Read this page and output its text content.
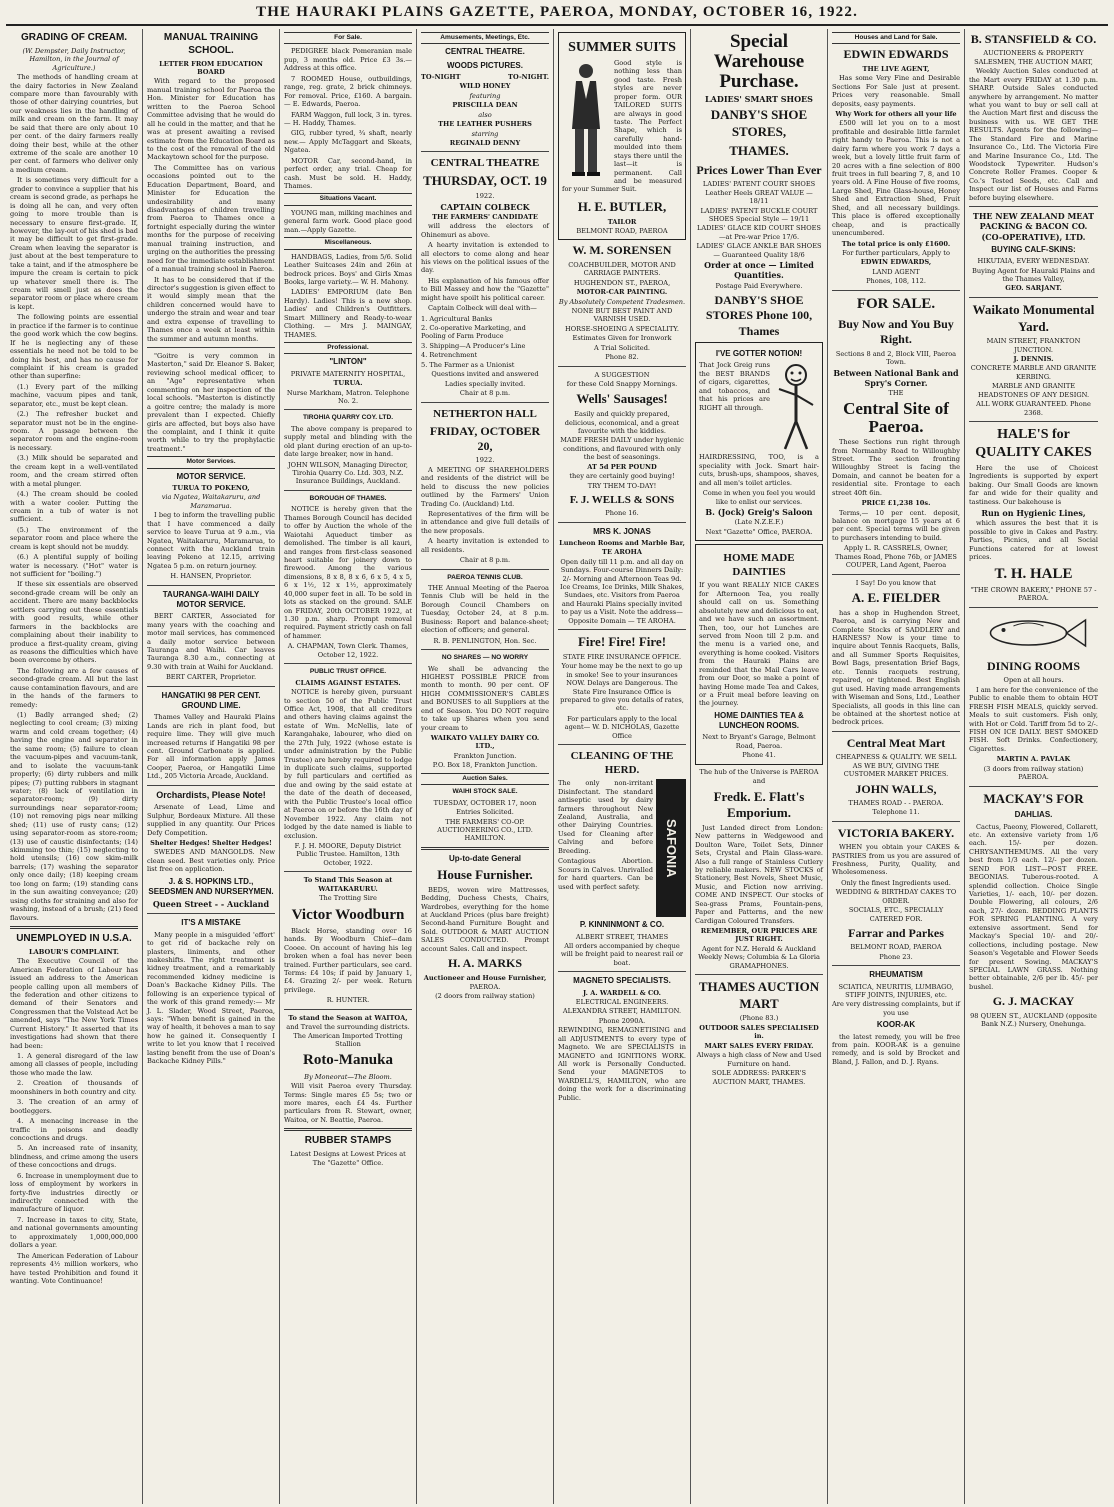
THE HAURAKI PLAINS GAZETTE, PAEROA, MONDAY, OCTOBER 16, 1922.
GRADING OF CREAM.
(W. Dempster, Daily Instructor, Hamilton, in the Journal of Agriculture.)

The methods of handling cream at the dairy factories in New Zealand compare more than favourably with those of other dairying countries, but our weakness lies in the handling of milk and cream on the farm. It may be said that there are only about 10 per cent. of the dairy farmers really doing their best, while at the other extreme of the scale are another 10 per cent. of farmers who deliver only a medium cream.

It is sometimes very difficult for a grader to convince a supplier that his cream is second grade, as perhaps he is doing all he can, and very often going to more trouble than is necessary to ensure first-grade. If, however, the lay-out of his shed is bad it may be difficult to get first-grade. Cream when leaving the separator is just about at the best temperature to take a taint, and if the atmosphere be impure the cream is certain to pick up whatever smell there is. The cream will smell just as does the separator room or place where cream is kept.

The following points are essential in practice if the farmer is to continue the good work which the cow begins. If he is neglecting any of these essentials he need not be told to be doing his best, and has no cause for complaint if his cream is graded other than superfine:

(1.) Every part of the milking machine, vacuum pipes and tank, separator, etc., must be kept clean.

(2.) The refresher bucket and separator must not be in the engine-room. A passage between the separator room and the engine-room is necessary.

(3.) Milk should be separated and the cream kept in a well-ventilated room, and the cream stirred often with a metal plunger.

(4.) The cream should be cooled with a water cooler. Putting the cream in a tub of water is not sufficient.

(5.) The environment of the separator room and place where the cream is kept should not be muddy.

(6.) A plentiful supply of boiling water is necessary. ("Hot" water is not sufficient for "boiling.")

If these six essentials are observed second-grade cream will be only an accident. There are many backblocks settlers carrying out these essentials with good results, while other farmers in the backblocks are complaining about their inability to produce a first-quality cream, giving as reasons the difficulties which have been overcome by others.

The following are a few causes of second-grade cream. All but the last cause contamination flavours, and are in the hands of the farmers to remedy:

(1) Badly arranged shed; (2) neglecting to cool cream; (3) mixing warm and cold cream together; (4) having the engine and separator in the same room; (5) failure to clean the vacuum-pipes and vacuum-tank, and to isolate the vacuum-tank properly; (6) dirty rubbers and milk pipes; (7) putting rubbers in stagnant water; (8) lack of ventilation in separator-room; (9) dirty surroundings near separator-room; (10) not removing pigs near milking shed; (11) use of rusty cans; (12) using separator-room as store-room; (13) use of caustic disinfectants; (14) skimming too thin; (15) neglecting to hold utensils; (16) cow skim-milk barrels; (17) washing the separator only once daily; (18) keeping cream too long on farm; (19) standing cans in the sun awaiting conveyance; (20) using cloths for straining and also for washing, instead of a brush; (21) feed flavours.

UNEMPLOYED IN U.S.A.
LABOUR'S COMPLAINT.

The Executive Council of the American Federation of Labour has issued an address to the American people calling upon all members of the federation and other citizens to demand of their Senators and Congressmen that the Volstead Act be amended, says "The New York Times Current History." It asserted that its investigations had shown that there had been:

1. A general disregard of the law among all classes of people, including those who made the law.

2. Creation of thousands of moonshiners in both country and city.

3. The creation of an army of bootleggers.

4. A menacing increase in the traffic in poisons and deadly concoctions and drugs.

5. An increased rate of insanity, blindness, and crime among the users of these concoctions and drugs.

6. Increase in unemployment due to loss of employment by workers in forty-five industries directly or indirectly connected with the manufacture of liquor.

7. Increase in taxes to city, State, and national governments amounting to approximately 1,000,000,000 dollars a year.

The American Federation of Labour represents 4½ million workers, who have tested Prohibition and found it wanting. Vote Continuance!

MANUAL TRAINING SCHOOL.
LETTER FROM EDUCATION BOARD

With regard to the proposed manual training school for Paeroa the Hon. Minister for Education has written to the Paeroa School Committee advising that he would do all he could in the matter, and that he was at present awaiting a revised estimate from the Education Board as to the cost of the removal of the old Mackaytown school for the purpose.

The Committee has on various occasions pointed out to the Education Department, Board, and Minister for Education the undesirability and many disadvantages of children travelling from Paeroa to Thames once a fortnight especially during the winter months for the purpose of receiving manual training instruction, and urging on the authorities the pressing need for the immediate establishment of a manual training school in Paeroa.

It has to be considered that if the director's suggestion is given effect to it would simply mean that the children concerned would have to undergo the strain and wear and tear and extra expense of travelling to Thames once a week at least within the summer and autumn months.

"Goitre is very common in Masterton," said Dr. Eleanor S. Baker, reviewing school medical officer, to an "Age" representative when commenting on her inspection of the local schools. "Masterton is distinctly a goitre centre; the malady is more prevalent than I expected. Chiefly girls are affected, but boys also have the complaint, and I think it quite worth while to try the prophylactic treatment."

Motor Services.
MOTOR SERVICE.
TURUA TO POKENO,
via Ngatea, Waitakaruru, and Maramarua.

I beg to inform the travelling public that I have commenced a daily service to leave Turua at 9 a.m., via Ngatea, Waitakaruru, Maramarua, to connect with the Auckland train leaving Pokeno at 12.15, arriving Ngatea 5 p.m. on return journey.

H. HANSEN, Proprietor.
TAURANGA-WAIHI DAILY MOTOR SERVICE.

BERT CARTER, Associated for many years with the coaching and motor mail services, has commenced a daily motor service between Tauranga and Waihi. Car leaves Tauranga 8.30 a.m., connecting at 9.30 with train at Waihi for Auckland.

BERT CARTER, Proprietor.
HANGATIKI 98 PER CENT. GROUND LIME.

Thames Valley and Hauraki Plains Lands are rich in plant food, but require lime. They will give much increased returns if Hangatiki 98 per cent. Ground Carbonate is applied. For all information apply James Cooper, Paeroa, or Hangatiki Lime Ltd., 205 Victoria Arcade, Auckland.

Orchardists, Please Note!

Arsenate of Lead, Lime and Sulphur, Bordeaux Mixture. All these supplied in any quantity. Our Prices Defy Competition.

Shelter Hedges! Shelter Hedges!

SWEDES AND MANGOLDS. New clean seed. Best varieties only. Price list free on application.

J. & S. HOPKINS LTD., SEEDSMEN AND NURSERYMEN.
Queen Street - - Auckland
IT'S A MISTAKE

Many people in a misguided 'effort' to get rid of backache rely on plasters, liniments, and other makeshifts. The right treatment is kidney treatment, and a remarkably recommended kidney medicine is Doan's Backache Kidney Pills. The following is an experience typical of the work of this grand remedy:— Mr J. L. Slader, Wood Street, Paeroa, says: "When benefit is gained in the way of health, it behoves a man to say how he gained it. Consequently I write to let you know that I received lasting benefit from the use of Doan's Backache Kidney Pills."

For Sale.

PEDIGREE black Pomeranian male pup, 3 months old. Price £3 3s.—Address at this office.

7 ROOMED House, outbuildings, range, reg. grate, 2 brick chimneys. For removal. Price, £160. A bargain. — E. Edwards, Paeroa.

FARM Waggon, full lock, 3 in. tyres.— H. Haddy, Thames.

GIG, rubber tyred, ¾ shaft, nearly new.— Apply McTaggart and Skeats, Ngatea.

MOTOR Car, second-hand, in perfect order, any trial. Cheap for cash. Must be sold. H. Haddy, Thames.

Situations Vacant.

YOUNG man, milking machines and general farm work. Good place good man.—Apply Gazette.

Miscellaneous.

HANDBAGS, Ladies, from 5/6. Solid Leather Suitcases 24in and 26in at bedrock prices. Boys' and Girls Xmas Books, large variety.— W. H. Mahony.

LADIES' EMPORIUM (late Ben Hardy). Ladies! This is a new shop. Ladies' and Children's Outfitters. Smart Millinery and Ready-to-wear Clothing. — Mrs J. MAINGAY, THAMES.

Professional.
"LINTON"
PRIVATE MATERNITY HOSPITAL,
TURUA.
Nurse Markham, Matron. Telephone No. 2.
TIROHIA QUARRY COY. LTD.

The above company is prepared to supply metal and blinding with the old plant during erection of an up-to-date large breaker, now in hand.

JOHN WILSON, Managing Director, Tirohia Quarry Co. Ltd. 303, N.Z. Insurance Buildings, Auckland.
BOROUGH OF THAMES.

NOTICE is hereby given that the Thames Borough Council has decided to offer by Auction the whole of the Waiotahi Aqueduct timber as demolished. The timber is all kauri, and ranges from first-class seasoned heart suitable for joinery down to firewood. Among the various dimensions, 8 x 8, 8 x 6, 6 x 5, 4 x 5, 6 x 1½, 12 x 1½, approximately 40,000 super feet in all. To be sold in lots as stacked on the ground. SALE on FRIDAY, 20th OCTOBER 1922, at 1.30 p.m. sharp. Prompt removal required. Payment strictly cash on fall of hammer.

A. CHAPMAN, Town Clerk. Thames, October 12, 1922.
PUBLIC TRUST OFFICE.
CLAIMS AGAINST ESTATES.

NOTICE is hereby given, pursuant to section 50 of the Public Trust Office Act, 1908, that all creditors and others having claims against the estate of Wm. McNellis, late of Karangahake, labourer, who died on the 27th July, 1922 (whose estate is under administration by the Public Trustee) are hereby required to lodge in duplicate such claims, supported by full particulars and certified as due and owing by the said estate at the date of the death of deceased, with the Public Trustee's local office at Paeroa on or before the 16th day of November 1922. Any claim not lodged by the date named is liable to exclusion.

F. J. H. MOORE, Deputy District Public Trustee. Hamilton, 13th October, 1922.
To Stand This Season at WAITAKARURU.
The Trotting Sire
Victor Woodburn

Black Horse, standing over 16 hands. By Woodburn Chief—dam Cooee. On account of having his leg broken when a foal has never been trained. Further particulars, see card. Terms: £4 10s; if paid by January 1, £4. Grazing 2/- per week. Return privilege.

R. HUNTER.
To stand the Season at WAITOA,
and Travel the surrounding districts. The American Imported Trotting Stallion
Roto-Manuka
By Moneorat—The Bloom.

Will visit Paeroa every Thursday. Terms: Single mares £5 5s; two or more mares, each £4 4s. Further particulars from R. Stewart, owner, Waitoa, or N. Beattie, Paeroa.

RUBBER STAMPS
Latest Designs at Lowest Prices at The "Gazette" Office.
Amusements, Meetings, Etc.
CENTRAL THEATRE.
WOODS PICTURES.
TO-NIGHT	TO-NIGHT.
WILD HONEY
featuring
PRISCILLA DEAN
also
THE LEATHER PUSHERS
starring
REGINALD DENNY
CENTRAL THEATRE
THURSDAY, OCT. 19
1922.
CAPTAIN COLBECK
THE FARMERS' CANDIDATE

will address the electors of Ohinemuri as above.

A hearty invitation is extended to all electors to come along and hear his views on the political issues of the day.

His explanation of his famous offer to Bill Massey and how the "Gazette" might have spoilt his political career.

Captain Colbeck will deal with—

1. Agricultural Banks
2. Co-operative Marketing, and Pooling of Farm Produce
3. Shipping—A Producer's Line
4. Retrenchment
5. The Farmer as a Unionist
Questions invited and answered
Ladies specially invited.
Chair at 8 p.m.
NETHERTON HALL
FRIDAY, OCTOBER 20,
1922.

A MEETING OF SHAREHOLDERS and residents of the district will be held to discuss the new policies outlined by the Farmers' Union Trading Co. (Auckland) Ltd.

Representatives of the firm will be in attendance and give full details of the new proposals.

A hearty invitation is extended to all residents.

Chair at 8 p.m.
PAEROA TENNIS CLUB.

THE Annual Meeting of the Paeroa Tennis Club will be held in the Borough Council Chambers on Tuesday, October 24, at 8 p.m. Business: Report and balance-sheet; election of officers; and general.

R. B. PENLINGTON, Hon. Sec.
NO SHARES — NO WORRY

We shall be advancing the HIGHEST POSSIBLE PRICE from month to month. 90 per cent. OF HIGH COMMISSIONER'S CABLES and BONUSES to all Suppliers at the end of Season. You DO NOT require to take up Shares when you send your cream to

WAIKATO VALLEY DAIRY CO. LTD.,
Frankton Junction.
P.O. Box 18, Frankton Junction.
Auction Sales.
WAIHI STOCK SALE.
TUESDAY, OCTOBER 17, noon
Entries Solicited.
THE FARMERS' CO-OP. AUCTIONEERING CO., LTD. HAMILTON.
Up-to-date General
House Furnisher.

BEDS, woven wire Mattresses, Bedding, Duchess Chests, Chairs, Wardrobes, everything for the home at Auckland Prices (plus bare freight) Second-hand Furniture Bought and Sold. OUTDOOR & MART AUCTION SALES CONDUCTED. Prompt account Sales. Call and inspect.

H. A. MARKS
Auctioneer and House Furnisher,
PAEROA.
(2 doors from railway station)
SUMMER SUITS

Good style is nothing less than good taste. Fresh styles are never proper form. OUR TAILORED SUITS are always in good taste. The Perfect Shape, which is carefully hand-moulded into them stays there until the last—it is permanent. Call and be measured for your Summer Suit.

H. E. BUTLER,
TAILOR
BELMONT ROAD, PAEROA
W. M. SORENSEN
COACHBUILDER, MOTOR AND CARRIAGE PAINTERS.
HUGHENDON ST., PAEROA,
MOTOR-CAR PAINTING.
By Absolutely Competent Tradesmen.
NONE BUT BEST PAINT AND VARNISH USED.
HORSE-SHOEING A SPECIALITY.
Estimates Given for Ironwork
A Trial Solicited.
Phone 82.
A SUGGESTION
for these Cold Snappy Mornings.
Wells' Sausages!
Easily and quickly prepared, delicious, economical, and a great favourite with the kiddies.
MADE FRESH DAILY under hygienic conditions, and flavoured with only the best of seasonings.
AT 5d PER POUND
they are certainly good buying!
TRY THEM TO-DAY!
F. J. WELLS & SONS
Phone 16.
MRS K. JONAS
Luncheon Rooms and Marble Bar,
TE AROHA

Open daily till 11 p.m. and all day on Sundays. Four-course Dinners Daily: 2/- Morning and Afternoon Teas 9d. Ice Creams, Ice Drinks, Milk Shakes, Sundaes, etc. Visitors from Paeroa and Hauraki Plains specially invited to pay us a Visit. Note the address— Opposite Domain — TE AROHA.

Fire! Fire! Fire!
STATE FIRE INSURANCE OFFICE.

Your home may be the next to go up in smoke! See to your insurances NOW. Delays are Dangerous. The State Fire Insurance Office is prepared to give you details of rates, etc.

For particulars apply to the local agent— W. D. NICHOLAS, Gazette Office
CLEANING OF THE HERD.
SAFONIA

The only non-irritant Disinfectant. The standard antiseptic used by dairy farmers throughout New Zealand, Australia, and other Dairying Countries. Used for Cleaning after Calving and before Breeding.

Contagious Abortion. Scours in Calves. Unrivalled for hard quarters. Can be used with perfect safety.

P. KINNINMONT & CO.
ALBERT STREET, THAMES
All orders accompanied by cheque will be freight paid to nearest rail or boat.
MAGNETO SPECIALISTS.
J. A. WARDELL & CO.
ELECTRICAL ENGINEERS.
ALEXANDRA STREET, HAMILTON.
Phone 2090A.

REWINDING, REMAGNETISING and all ADJUSTMENTS to every type of Magneto. We are SPECIALISTS in MAGNETO and IGNITIONS WORK. All work is Personally Conducted. Send your MAGNETOS to WARDELL'S, HAMILTON, who are doing the work for a discriminating Public.

Special Warehouse Purchase.
LADIES' SMART SHOES
DANBY'S SHOE STORES,
THAMES.
Prices Lower Than Ever
LADIES' PATENT COURT SHOES Leather Heels GREAT VALUE — 18/11
LADIES' PATENT BUCKLE COURT SHOES Special Style — 19/11
LADIES' GLACE KID COURT SHOES—at Pre-war Price 17/6.
LADIES' GLACE ANKLE BAR SHOES — Guaranteed Quality 18/6
Order at once — Limited Quantities.
Postage Paid Everywhere.
DANBY'S SHOE STORES Phone 100, Thames
I'VE GOTTER NOTION!

That Jock Greig runs the BEST BRANDS of cigars, cigarettes, and tobaccos, and that his prices are RIGHT all through.

HAIRDRESSING, TOO, is a speciality with Jock. Smart hair-cuts, brush-ups, shampoos, shaves, and all men's toilet articles.

Come in when you feel you would like to enlist our services.
B. (Jock) Greig's Saloon
(Late N.Z.E.F.)
Next "Gazette" Office, PAEROA.
HOME MADE DAINTIES

If you want REALLY NICE CAKES for Afternoon Tea, you really should call on us. Something absolutely new and delicious to eat, and we have such an assortment. Then, too, our hot Lunches are served from Noon till 2 p.m. and the menu is a varied one, and everything is home cooked. Visitors from the Hauraki Plains are reminded that the Mail Cars leave from our Door, so make a point of having Home made Tea and Cakes, or a Fruit meal before leaving on the journey.

HOME DAINTIES TEA & LUNCHEON ROOMS.
Next to Bryant's Garage, Belmont Road, Paeroa.
Phone 41.
The hub of the Universe is PAEROA
and
Fredk. E. Flatt's Emporium.

Just Landed direct from London: New patterns in Wedgewood and Doulton Ware, Toilet Sets, Dinner Sets, Crystal and Plain Glass-ware. Also a full range of Stainless Cutlery by reliable makers. NEW STOCKS of Stationery, Best Novels, Sheet Music, Music, and Fiction now arriving. COME AND INSPECT. Our stocks of Sea-grass Prams, Fountain-pens, Paper and Patterns, and the new Cardigan Coloured Transfers.

REMEMBER, OUR PRICES ARE JUST RIGHT.
Agent for N.Z. Herald & Auckland Weekly News; Columbia & La Gloria GRAMAPHONES.
THAMES AUCTION MART
(Phone 83.)
OUTDOOR SALES SPECIALISED in.
MART SALES EVERY FRIDAY.
Always a high class of New and Used Furniture on hand.
SOLE ADDRESS: PARKER'S AUCTION MART, THAMES.
Houses and Land for Sale.
EDWIN EDWARDS
THE LIVE AGENT,

Has some Very Fine and Desirable Sections For Sale just at present. Prices very reasonable. Small deposits, easy payments.

Why Work for others all your life

£500 will let you on to a most profitable and desirable little farmlet right handy to Paeroa. This is not a dairy farm where you work 7 days a week, but a lovely little fruit farm of 20 acres with a fine selection of 800 fruit trees in full bearing 7, 8, and 10 years old. A Fine House of five rooms, Large Shed, Fine Glass-house, Honey Shed and Extraction Shed, Fruit Shed, and all necessary buildings. This place is offered exceptionally cheap, and is practically unencumbered.

The total price is only £1600.
For further particulars, Apply to
EDWIN EDWARDS,
LAND AGENT
Phones, 108, 112.
FOR SALE.
Buy Now and You Buy Right.
Sections 8 and 2, Block VIII, Paeroa Town.
Between National Bank and Spry's Corner.
THE
Central Site of Paeroa.

These Sections run right through from Normanby Road to Willoughby Street. The section fronting Willoughby Street is facing the Domain, and cannot be beaten for a residential site. Frontage to each street 40ft 6in.

PRICE £1,238 10s.

Terms,— 10 per cent. deposit, balance on mortgage 15 years at 6 per cent. Special terms will be given to purchasers intending to build.

Apply L. R. CASSRELS, Owner, Thames Road, Phone 76b, or JAMES COUPER, Land Agent, Paeroa
I Say! Do you know that
A. E. FIELDER

has a shop in Hughendon Street, Paeroa, and is carrying New and Complete Stocks of SADDLERY and HARNESS? Now is your time to inquire about Tennis Racquets, Balls, and all Summer Sports Requisites, Bowl Bags, presentation Brief Bags, etc. Tennis racquets restrung, repaired, or tightened. Best English gut used. Having made arrangements with Wiseman and Sons, Ltd., Leather Specialists, all goods in this line can be obtained at the shortest notice at bedrock prices.

Central Meat Mart
CHEAPNESS & QUALITY. WE SELL AS WE BUY, GIVING THE CUSTOMER MARKET PRICES.
JOHN WALLS,
THAMES ROAD - - PAEROA.
Telephone 11.
VICTORIA BAKERY.

WHEN you obtain your CAKES & PASTRIES from us you are assured of Freshness, Purity, Quality, and Wholesomeness.

Only the finest Ingredients used.
WEDDING & BIRTHDAY CAKES TO ORDER.
SOCIALS, ETC., SPECIALLY CATERED FOR.
Farrar and Parkes
BELMONT ROAD, PAEROA
Phone 23.
RHEUMATISM
SCIATICA, NEURITIS, LUMBAGO, STIFF JOINTS, INJURIES, etc.
Are very distressing complaints, but if you use
KOOR-AK

the latest remedy, you will be free from pain. KOOR-AK is a genuine remedy, and is sold by Brocket and Bland, J. Fallon, and D. J. Ryans.

B. STANSFIELD & CO.
AUCTIONEERS & PROPERTY SALESMEN, THE AUCTION MART,

Weekly Auction Sales conducted at the Mart every FRIDAY at 1.30 p.m. SHARP. Outside Sales conducted anywhere by arrangement. No matter what you want to buy or sell call at the Auction Mart first and discuss the business with us. WE GET THE RESULTS. Agents for the following— The Standard Fire and Marine Insurance Co., Ltd. The Victoria Fire and Marine Insurance Co., Ltd. The Woodstock Typewriter. Hudson's Concrete Roller Frames. Cooper & Co.'s Tested Seeds, etc. Call and Inspect our list of Houses and Farms before buying elsewhere.

THE NEW ZEALAND MEAT PACKING & BACON CO. (CO-OPERATIVE), LTD.
BUYING CALF-SKINS:
HIKUTAIA, EVERY WEDNESDAY.
Buying Agent for Hauraki Plains and the Thames Valley,
GEO. SARJANT.
Waikato Monumental Yard.
MAIN STREET, FRANKTON JUNCTION.
J. DENNIS.
CONCRETE MARBLE AND GRANITE KERBING.
MARBLE AND GRANITE HEADSTONES OF ANY DESIGN.
ALL WORK GUARANTEED. Phone 2368.
HALE'S for QUALITY CAKES

Here the use of Choicest Ingredients is supported by expert baking. Our Small Goods are known far and wide for their quality and tastiness. Our bakehouse is

Run on Hygienic Lines,

which assures the best that it is possible to give in Cakes and Pastry. Parties, Picnics, and all Social Functions catered for at lowest prices.

T. H. HALE
"THE CROWN BAKERY," PHONE 57 - PAEROA.
DINING ROOMS
Open at all hours.

I am here for the convenience of the Public to enable them to obtain HOT FRESH FISH MEALS, quickly served. Meals to suit customers. Fish only, with Hot or Cold. Tariff from 5d to 2/-. FISH ON ICE DAILY. BEST SMOKED FISH. Soft Drinks. Confectionery, Cigarettes.

MARTIN A. PAVLAK
(3 doors from railway station) PAEROA.
MACKAY'S FOR
DAHLIAS.

Cactus, Paeony, Flowered, Collarett, etc. An extensive variety from 1/6 each. 15/- per dozen. CHRYSANTHEMUMS. All the very best from 1/3 each. 12/- per dozen. SEND FOR LIST—POST FREE. BEGONIAS. Tuberous-rooted. A splendid collection. Choice Single Varieties, 1/- each, 10/- per dozen. Double Flowering, all colours, 2/6 each, 27/- dozen. BEDDING PLANTS FOR SPRING PLANTING. A very extensive assortment. Send for Mackay's Special 10/- and 20/- collections, including postage. New Season's Vegetable and Flower Seeds for present Sowing. MACKAY'S SPECIAL LAWN GRASS. Nothing better obtainable, 2/6 per lb. 45/- per bushel.

G. J. MACKAY
98 QUEEN ST., AUCKLAND (opposite Bank N.Z.) Nursery, Onehunga.
